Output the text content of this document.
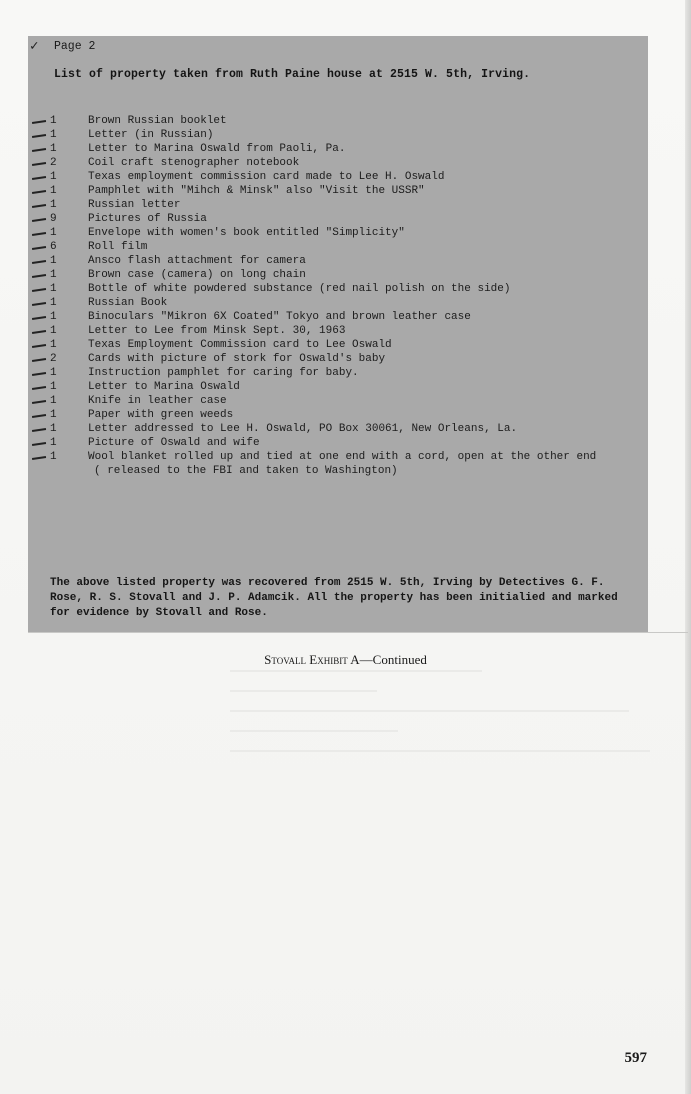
✓ Page 2
List of property taken from Ruth Paine house at 2515 W. 5th, Irving.
1	Brown Russian booklet
1	Letter (in Russian)
1	Letter to Marina Oswald from Paoli, Pa.
2	Coil craft stenographer notebook
1	Texas employment commission card made to Lee H. Oswald
1	Pamphlet with "Mihch & Minsk" also "Visit the USSR"
1	Russian letter
9	Pictures of Russia
1	Envelope with women's book entitled "Simplicity"
6	Roll film
1	Ansco flash attachment for camera
1	Brown case (camera) on long chain
1	Bottle of white powdered substance (red nail polish on the side)
1	Russian Book
1	Binoculars "Mikron 6X Coated" Tokyo and brown leather case
1	Letter to Lee from Minsk Sept. 30, 1963
1	Texas Employment Commission card to Lee Oswald
2	Cards with picture of stork for Oswald's baby
1	Instruction pamphlet for caring for baby.
1	Letter to Marina Oswald
1	Knife in leather case
1	Paper with green weeds
1	Letter addressed to Lee H. Oswald, PO Box 30061, New Orleans, La.
1	Picture of Oswald and wife
1	Wool blanket rolled up and tied at one end with a cord, open at the other end
( released to the FBI and taken to Washington)
The above listed property was recovered from 2515 W. 5th, Irving by Detectives G. F. Rose, R. S. Stovall and J. P. Adamcik. All the property has been initialied and marked for evidence by Stovall and Rose.
Stovall Exhibit A—Continued
597
